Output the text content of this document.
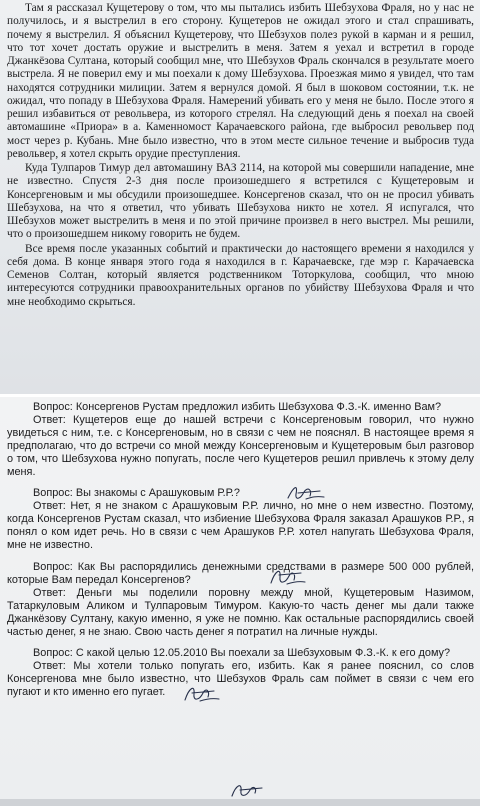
Там я рассказал Кущетерову о том, что мы пытались избить Шебзухова Фраля, но у нас не получилось, и я выстрелил в его сторону. Кущетеров не ожидал этого и стал спрашивать, почему я выстрелил. Я объяснил Кущетерову, что Шебзухов полез рукой в карман и я решил, что тот хочет достать оружие и выстрелить в меня. Затем я уехал и встретил в городе Джанкёзова Султана, который сообщил мне, что Шебзухов Фраль скончался в результате моего выстрела. Я не поверил ему и мы поехали к дому Шебзухова. Проезжая мимо я увидел, что там находятся сотрудники милиции. Затем я вернулся домой. Я был в шоковом состоянии, т.к. не ожидал, что попаду в Шебзухова Фраля. Намерений убивать его у меня не было. После этого я решил избавиться от револьвера, из которого стрелял. На следующий день я поехал на своей автомашине «Приора» в а. Каменномост Карачаевского района, где выбросил револьвер под мост через р. Кубань. Мне было известно, что в этом месте сильное течение и выбросив туда револьвер, я хотел скрыть орудие преступления.

Куда Тулпаров Тимур дел автомашину ВАЗ 2114, на которой мы совершили нападение, мне не известно. Спустя 2-3 дня после произошедшего я встретился с Кущетеровым и Консергеновым и мы обсудили произошедшее. Консергенов сказал, что он не просил убивать Шебзухова, на что я ответил, что убивать Шебзухова никто не хотел. Я испугался, что Шебзухов может выстрелить в меня и по этой причине произвел в него выстрел. Мы решили, что о произошедшем никому говорить не будем.

Все время после указанных событий и практически до настоящего времени я находился у себя дома. В конце января этого года я находился в г. Карачаевске, где мэр г. Карачаевска Семенов Солтан, который является родственником Тоторкулова, сообщил, что мною интересуются сотрудники правоохранительных органов по убийству Шебзухова Фраля и что мне необходимо скрыться.

Вопрос: Консергенов Рустам предложил избить Шебзухова Ф.З.-К. именно Вам?

Ответ: Кущетеров еще до нашей встречи с Консергеновым говорил, что нужно увидеться с ним, т.е. с Консергеновым, но в связи с чем не пояснял. В настоящее время я предполагаю, что до встречи со мной между Консергеновым и Кущетеровым был разговор о том, что Шебзухова нужно попугать, после чего Кущетеров решил привлечь к этому делу меня.

Вопрос: Вы знакомы с Арашуковым Р.Р.?

Ответ: Нет, я не знаком с Арашуковым Р.Р. лично, но мне о нем известно. Поэтому, когда Консергенов Рустам сказал, что избиение Шебзухова Фраля заказал Арашуков Р.Р., я понял о ком идет речь. Но в связи с чем Арашуков Р.Р. хотел напугать Шебзухова Фраля, мне не известно.

Вопрос: Как Вы распорядились денежными средствами в размере 500 000 рублей, которые Вам передал Консергенов?

Ответ: Деньги мы поделили поровну между мной, Кущетеровым Назимом, Татаркуловым Аликом и Тулпаровым Тимуром. Какую-то часть денег мы дали также Джанкёзову Султану, какую именно, я уже не помню. Как остальные распорядились своей частью денег, я не знаю. Свою часть денег я потратил на личные нужды.

Вопрос: С какой целью 12.05.2010 Вы поехали за Шебзуховым Ф.З.-К. к его дому?

Ответ: Мы хотели только попугать его, избить. Как я ранее пояснил, со слов Консергенова мне было известно, что Шебзухов Фраль сам поймет в связи с чем его пугают и кто именно его пугает.
